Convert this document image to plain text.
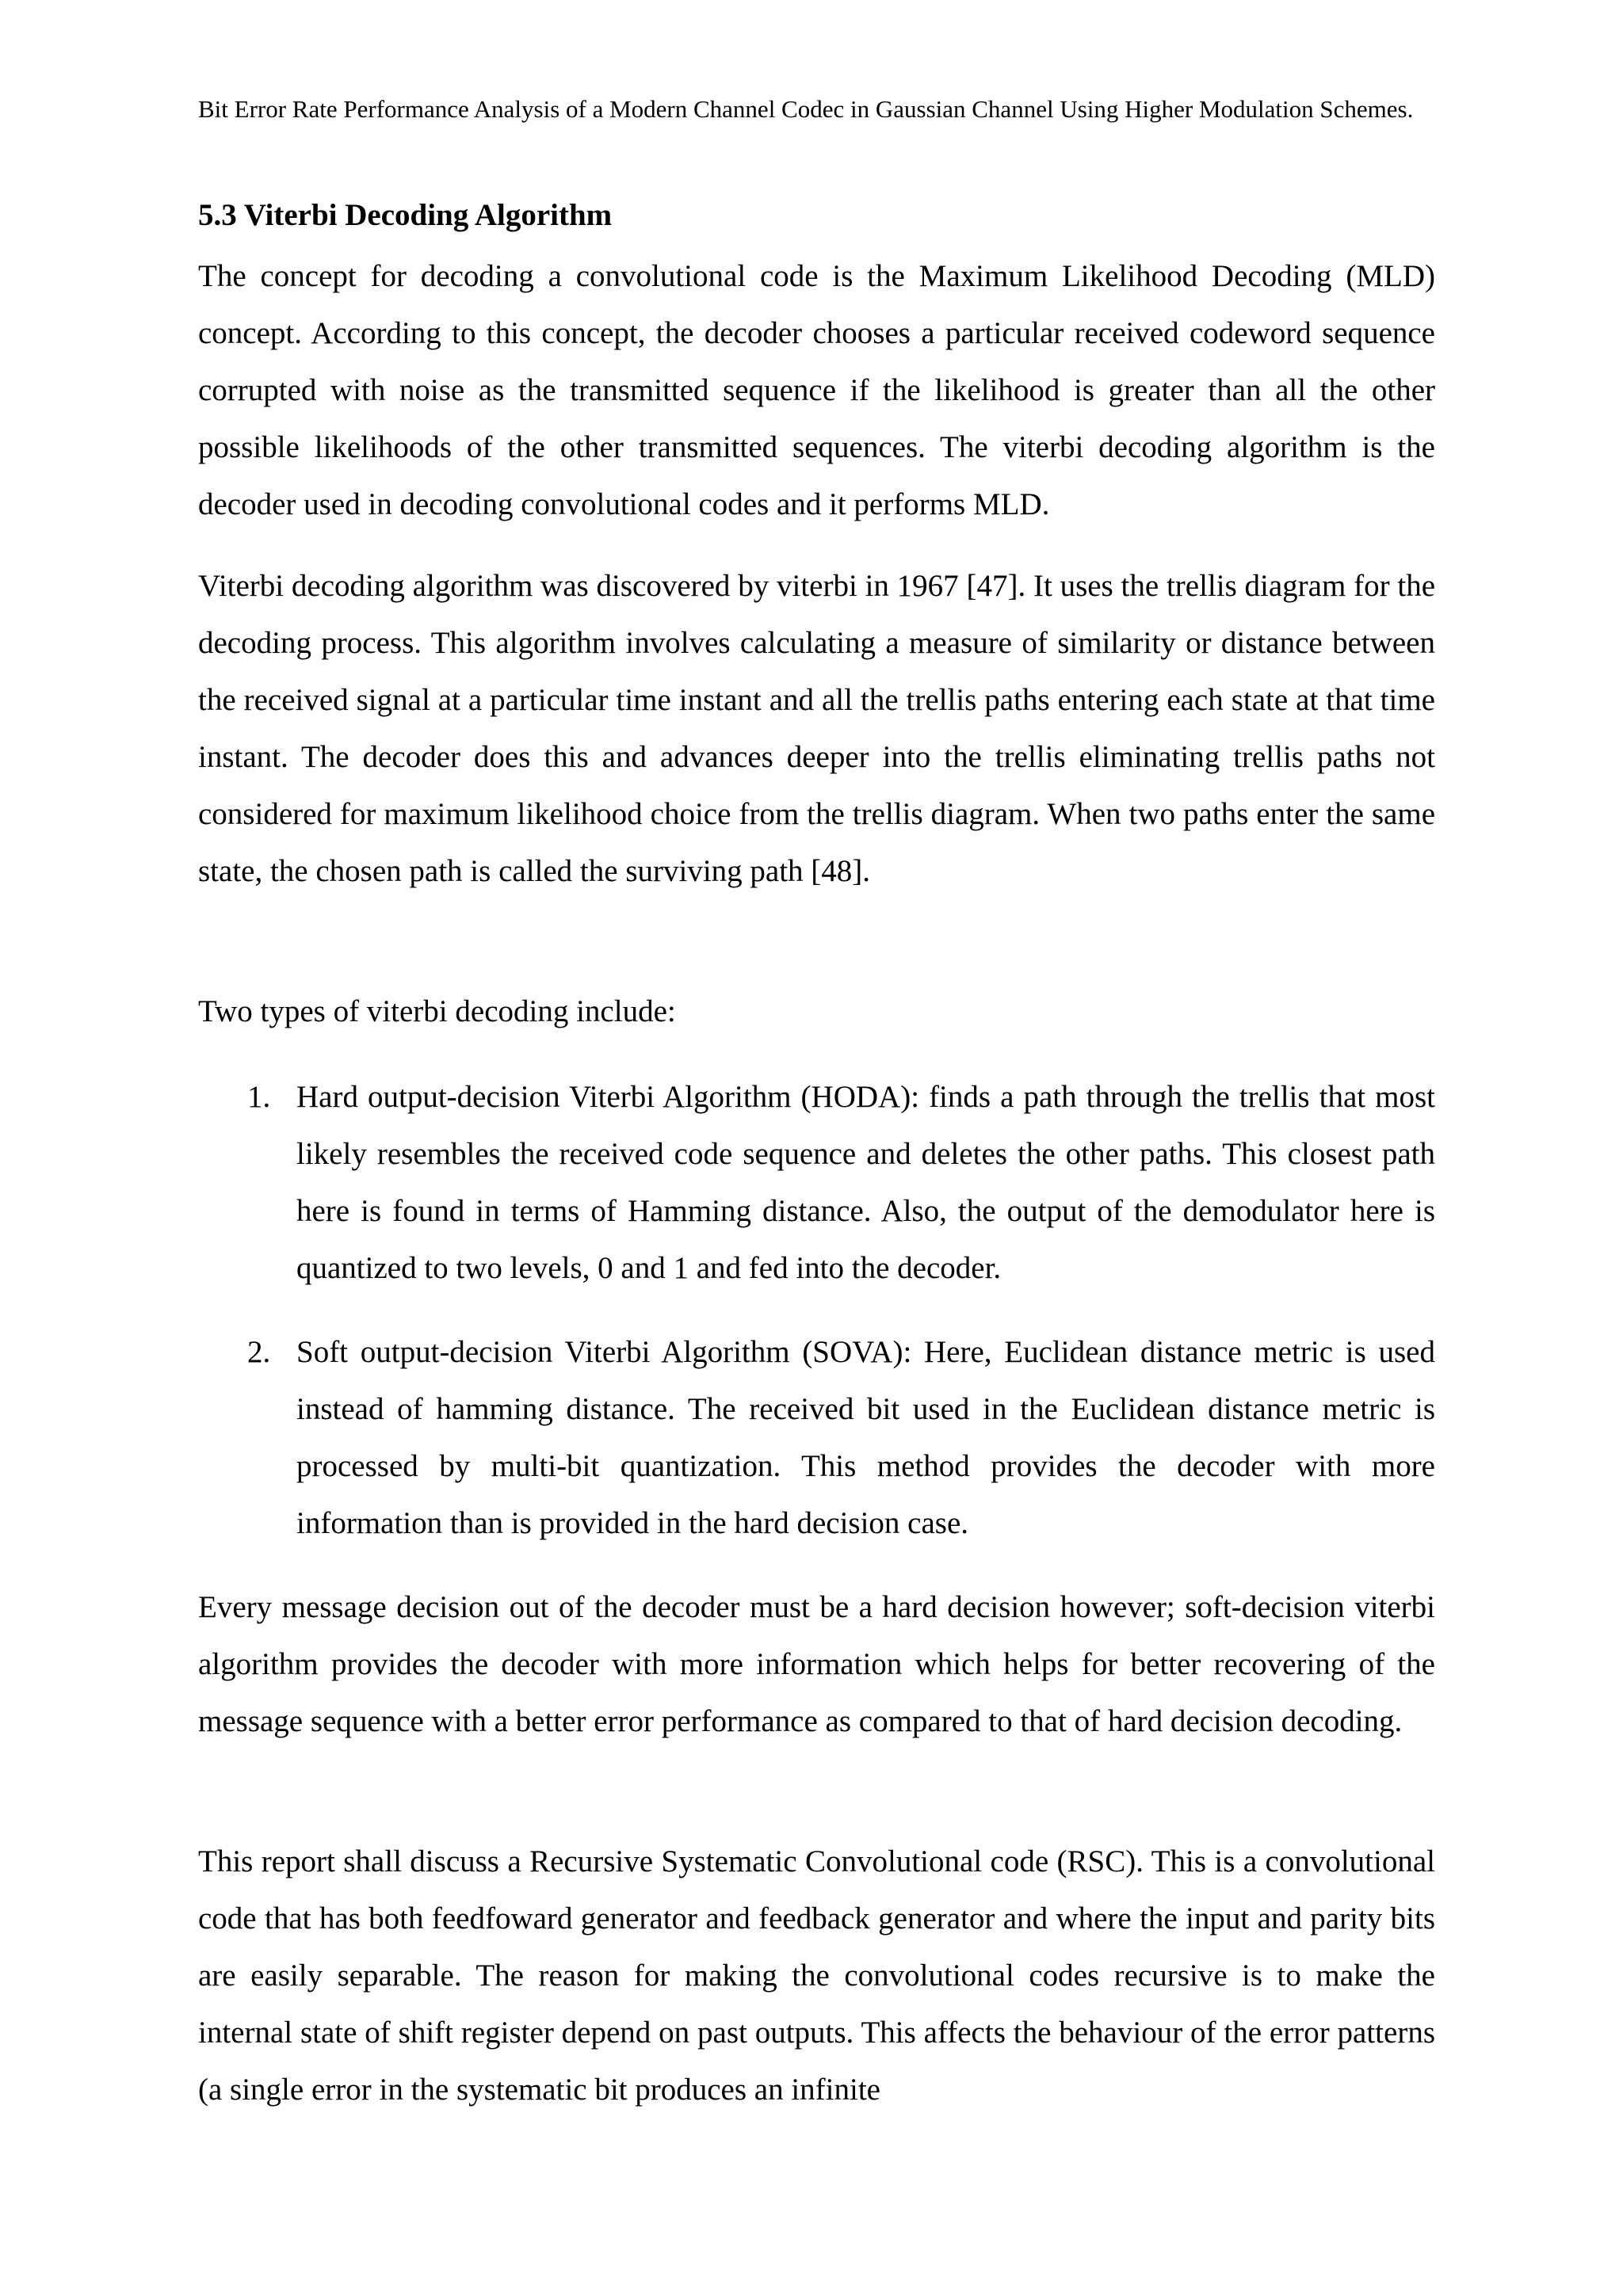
Bit Error Rate Performance Analysis of a Modern Channel Codec in Gaussian Channel Using Higher Modulation Schemes.
5.3 Viterbi Decoding Algorithm

The concept for decoding a convolutional code is the Maximum Likelihood Decoding (MLD) concept. According to this concept, the decoder chooses a particular received codeword sequence corrupted with noise as the transmitted sequence if the likelihood is greater than all the other possible likelihoods of the other transmitted sequences. The viterbi decoding algorithm is the decoder used in decoding convolutional codes and it performs MLD.

Viterbi decoding algorithm was discovered by viterbi in 1967 [47]. It uses the trellis diagram for the decoding process. This algorithm involves calculating a measure of similarity or distance between the received signal at a particular time instant and all the trellis paths entering each state at that time instant. The decoder does this and advances deeper into the trellis eliminating trellis paths not considered for maximum likelihood choice from the trellis diagram. When two paths enter the same state, the chosen path is called the surviving path [48].

Two types of viterbi decoding include:

1. Hard output-decision Viterbi Algorithm (HODA): finds a path through the trellis that most likely resembles the received code sequence and deletes the other paths. This closest path here is found in terms of Hamming distance. Also, the output of the demodulator here is quantized to two levels, 0 and 1 and fed into the decoder.
2. Soft output-decision Viterbi Algorithm (SOVA): Here, Euclidean distance metric is used instead of hamming distance. The received bit used in the Euclidean distance metric is processed by multi-bit quantization. This method provides the decoder with more information than is provided in the hard decision case.

Every message decision out of the decoder must be a hard decision however; soft-decision viterbi algorithm provides the decoder with more information which helps for better recovering of the message sequence with a better error performance as compared to that of hard decision decoding.

This report shall discuss a Recursive Systematic Convolutional code (RSC). This is a convolutional code that has both feedfoward generator and feedback generator and where the input and parity bits are easily separable. The reason for making the convolutional codes recursive is to make the internal state of shift register depend on past outputs. This affects the behaviour of the error patterns (a single error in the systematic bit produces an infinite
